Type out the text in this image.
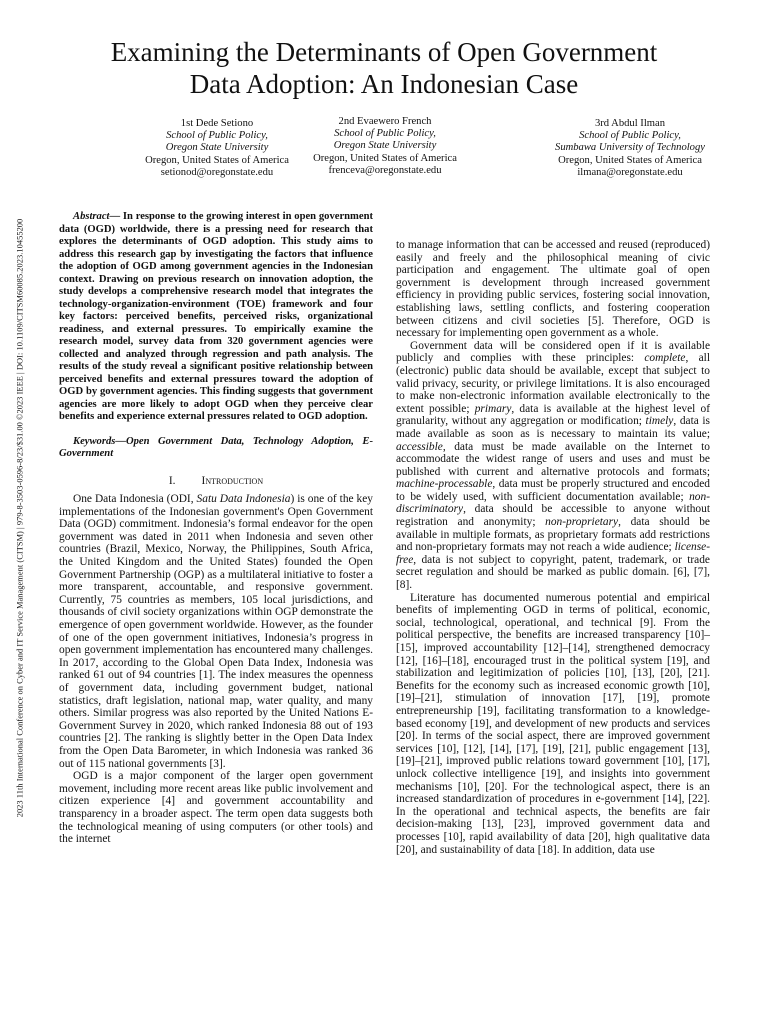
2023 11th International Conference on Cyber and IT Service Management (CITSM) | 979-8-3503-0596-8/23/$31.00 ©2023 IEEE | DOI: 10.1109/CITSM60085.2023.10455200
Examining the Determinants of Open Government
Data Adoption: An Indonesian Case
1st Dede Setiono
School of Public Policy,
Oregon State University
Oregon, United States of America
setionod@oregonstate.edu
2nd Evaewero French
School of Public Policy,
Oregon State University
Oregon, United States of America
frenceva@oregonstate.edu
3rd Abdul Ilman
School of Public Policy,
Sumbawa University of Technology
Oregon, United States of America
ilmana@oregonstate.edu

Abstract— In response to the growing interest in open government data (OGD) worldwide, there is a pressing need for research that explores the determinants of OGD adoption. This study aims to address this research gap by investigating the factors that influence the adoption of OGD among government agencies in the Indonesian context. Drawing on previous research on innovation adoption, the study develops a comprehensive research model that integrates the technology-organization-environment (TOE) framework and four key factors: perceived benefits, perceived risks, organizational readiness, and external pressures. To empirically examine the research model, survey data from 320 government agencies were collected and analyzed through regression and path analysis. The results of the study reveal a significant positive relationship between perceived benefits and external pressures toward the adoption of OGD by government agencies. This finding suggests that government agencies are more likely to adopt OGD when they perceive clear benefits and experience external pressures related to OGD adoption.

Keywords—Open Government Data, Technology Adoption, E-Government

I. Introduction

One Data Indonesia (ODI, Satu Data Indonesia) is one of the key implementations of the Indonesian government's Open Government Data (OGD) commitment. Indonesia’s formal endeavor for the open government was dated in 2011 when Indonesia and seven other countries (Brazil, Mexico, Norway, the Philippines, South Africa, the United Kingdom and the United States) founded the Open Government Partnership (OGP) as a multilateral initiative to foster a more transparent, accountable, and responsive government. Currently, 75 countries as members, 105 local jurisdictions, and thousands of civil society organizations within OGP demonstrate the emergence of open government worldwide. However, as the founder of one of the open government initiatives, Indonesia’s progress in open government implementation has encountered many challenges. In 2017, according to the Global Open Data Index, Indonesia was ranked 61 out of 94 countries [1]. The index measures the openness of government data, including government budget, national statistics, draft legislation, national map, water quality, and many others. Similar progress was also reported by the United Nations E-Government Survey in 2020, which ranked Indonesia 88 out of 193 countries [2]. The ranking is slightly better in the Open Data Index from the Open Data Barometer, in which Indonesia was ranked 36 out of 115 national governments [3].

OGD is a major component of the larger open government movement, including more recent areas like public involvement and citizen experience [4] and government accountability and transparency in a broader aspect. The term open data suggests both the technological meaning of using computers (or other tools) and the internet

to manage information that can be accessed and reused (reproduced) easily and freely and the philosophical meaning of civic participation and engagement. The ultimate goal of open government is development through increased government efficiency in providing public services, fostering social innovation, establishing laws, settling conflicts, and fostering cooperation between citizens and civil societies [5]. Therefore, OGD is necessary for implementing open government as a whole.

Government data will be considered open if it is available publicly and complies with these principles: complete, all (electronic) public data should be available, except that subject to valid privacy, security, or privilege limitations. It is also encouraged to make non-electronic information available electronically to the extent possible; primary, data is available at the highest level of granularity, without any aggregation or modification; timely, data is made available as soon as is necessary to maintain its value; accessible, data must be made available on the Internet to accommodate the widest range of users and uses and must be published with current and alternative protocols and formats; machine-processable, data must be properly structured and encoded to be widely used, with sufficient documentation available; non-discriminatory, data should be accessible to anyone without registration and anonymity; non-proprietary, data should be available in multiple formats, as proprietary formats add restrictions and non-proprietary formats may not reach a wide audience; license-free, data is not subject to copyright, patent, trademark, or trade secret regulation and should be marked as public domain. [6], [7],[8].

Literature has documented numerous potential and empirical benefits of implementing OGD in terms of political, economic, social, technological, operational, and technical [9]. From the political perspective, the benefits are increased transparency [10]–[15], improved accountability [12]–[14], strengthened democracy [12], [16]–[18], encouraged trust in the political system [19], and stabilization and legitimization of policies [10], [13], [20], [21]. Benefits for the economy such as increased economic growth [10], [19]–[21], stimulation of innovation [17], [19], promote entrepreneurship [19], facilitating transformation to a knowledge-based economy [19], and development of new products and services [20]. In terms of the social aspect, there are improved government services [10], [12], [14], [17], [19], [21], public engagement [13], [19]–[21], improved public relations toward government [10], [17], unlock collective intelligence [19], and insights into government mechanisms [10], [20]. For the technological aspect, there is an increased standardization of procedures in e-government [14], [22]. In the operational and technical aspects, the benefits are fair decision-making [13], [23], improved government data and processes [10], rapid availability of data [20], high qualitative data [20], and sustainability of data [18]. In addition, data use
